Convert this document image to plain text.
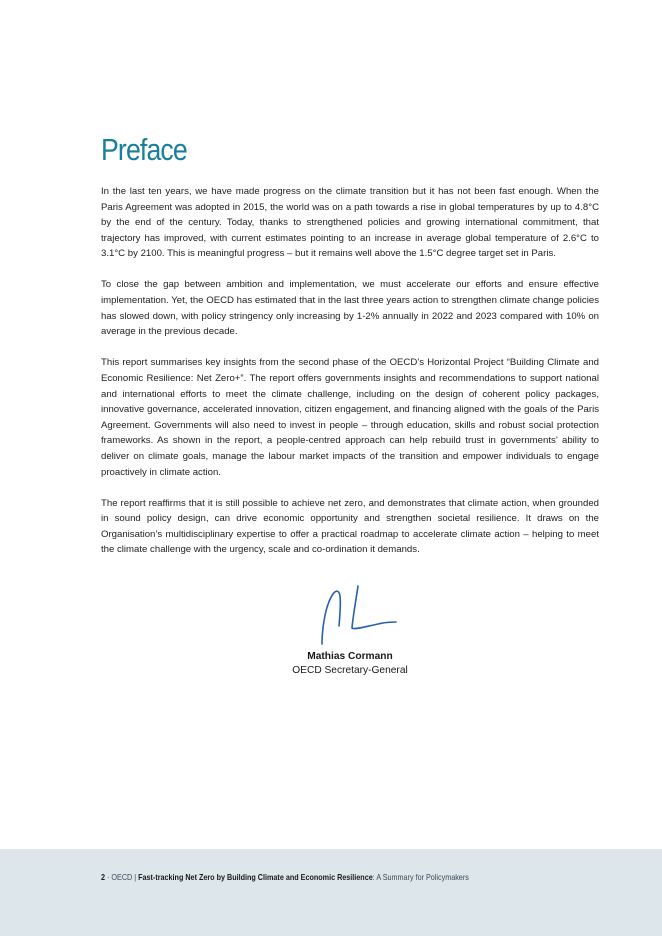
Preface

In the last ten years, we have made progress on the climate transition but it has not been fast enough. When the Paris Agreement was adopted in 2015, the world was on a path towards a rise in global temperatures by up to 4.8°C by the end of the century. Today, thanks to strengthened policies and growing international commitment, that trajectory has improved, with current estimates pointing to an increase in average global temperature of 2.6°C to 3.1°C by 2100. This is meaningful progress – but it remains well above the 1.5°C degree target set in Paris.

To close the gap between ambition and implementation, we must accelerate our efforts and ensure effective implementation. Yet, the OECD has estimated that in the last three years action to strengthen climate change policies has slowed down, with policy stringency only increasing by 1-2% annually in 2022 and 2023 compared with 10% on average in the previous decade.

This report summarises key insights from the second phase of the OECD’s Horizontal Project “Building Climate and Economic Resilience: Net Zero+”. The report offers governments insights and recommendations to support national and international efforts to meet the climate challenge, including on the design of coherent policy packages, innovative governance, accelerated innovation, citizen engagement, and financing aligned with the goals of the Paris Agreement. Governments will also need to invest in people – through education, skills and robust social protection frameworks. As shown in the report, a people-centred approach can help rebuild trust in governments’ ability to deliver on climate goals, manage the labour market impacts of the transition and empower individuals to engage proactively in climate action.

The report reaffirms that it is still possible to achieve net zero, and demonstrates that climate action, when grounded in sound policy design, can drive economic opportunity and strengthen societal resilience. It draws on the Organisation’s multidisciplinary expertise to offer a practical roadmap to accelerate climate action – helping to meet the climate challenge with the urgency, scale and co-ordination it demands.

Mathias Cormann
OECD Secretary-General
2 · OECD | Fast-tracking Net Zero by Building Climate and Economic Resilience: A Summary for Policymakers
